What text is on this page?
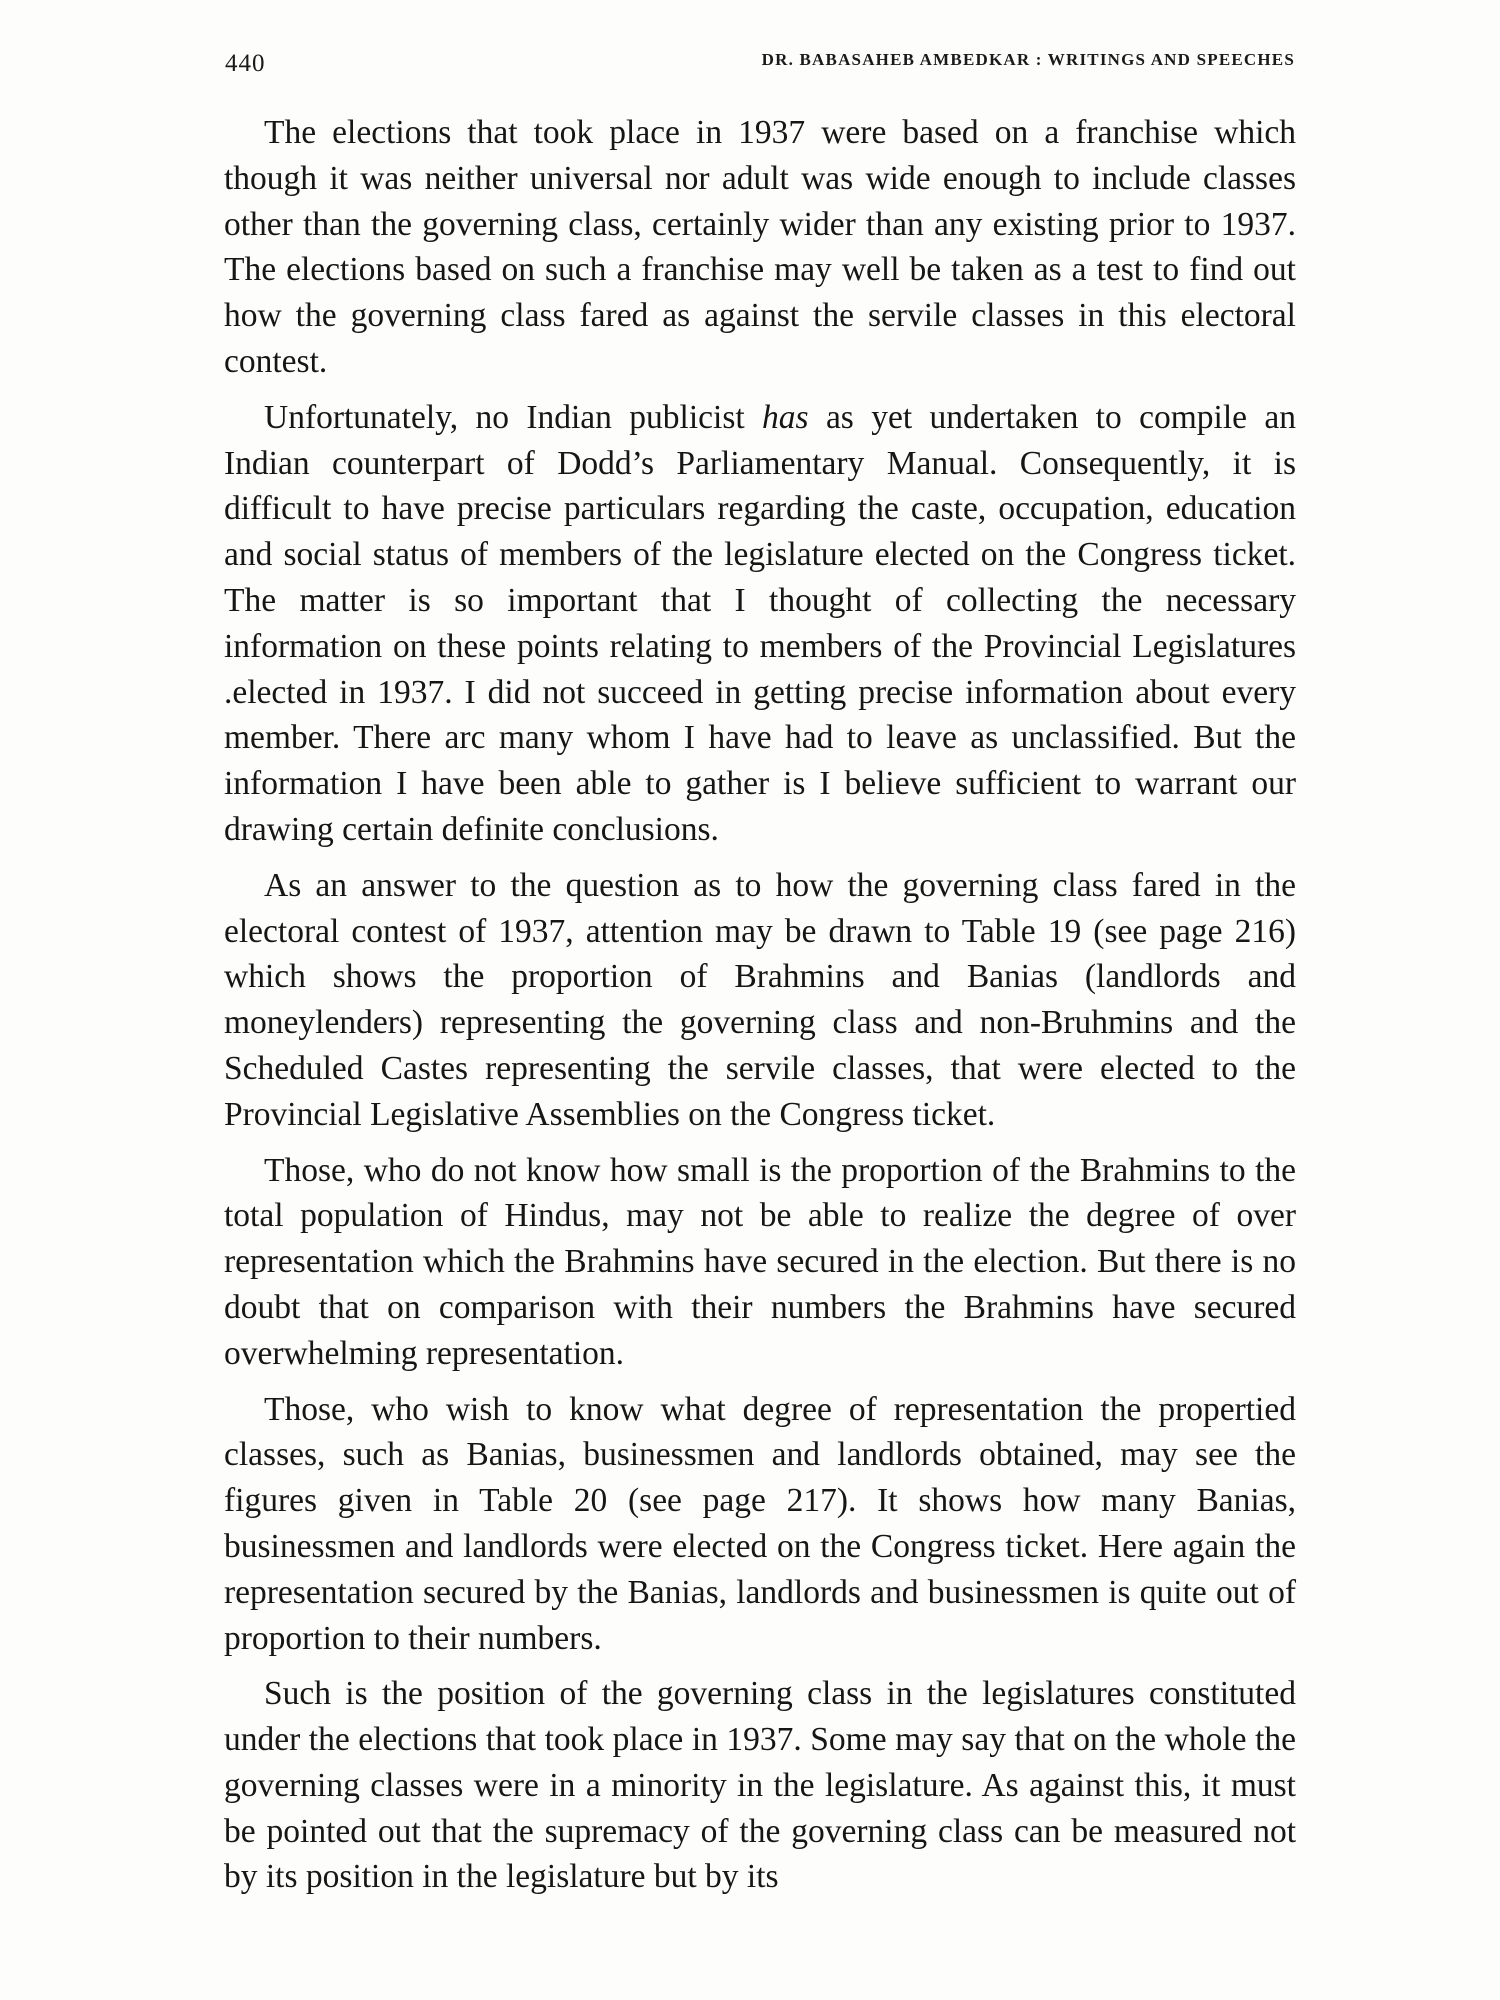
440	DR. BABASAHEB AMBEDKAR : WRITINGS AND SPEECHES

The elections that took place in 1937 were based on a franchise which though it was neither universal nor adult was wide enough to include classes other than the governing class, certainly wider than any existing prior to 1937. The elections based on such a franchise may well be taken as a test to find out how the governing class fared as against the servile classes in this electoral contest.

Unfortunately, no Indian publicist has as yet undertaken to compile an Indian counterpart of Dodd’s Parliamentary Manual. Consequently, it is difficult to have precise particulars regarding the caste, occupation, education and social status of members of the legislature elected on the Congress ticket. The matter is so important that I thought of collecting the necessary information on these points relating to members of the Provincial Legislatures .elected in 1937. I did not succeed in getting precise information about every member. There arc many whom I have had to leave as unclassified. But the information I have been able to gather is I believe sufficient to warrant our drawing certain definite conclusions.

As an answer to the question as to how the governing class fared in the electoral contest of 1937, attention may be drawn to Table 19 (see page 216) which shows the proportion of Brahmins and Banias (landlords and moneylenders) representing the governing class and non-Bruhmins and the Scheduled Castes representing the servile classes, that were elected to the Provincial Legislative Assemblies on the Congress ticket.

Those, who do not know how small is the proportion of the Brahmins to the total population of Hindus, may not be able to realize the degree of over representation which the Brahmins have secured in the election. But there is no doubt that on comparison with their numbers the Brahmins have secured overwhelming representation.

Those, who wish to know what degree of representation the propertied classes, such as Banias, businessmen and landlords obtained, may see the figures given in Table 20 (see page 217). It shows how many Banias, businessmen and landlords were elected on the Congress ticket. Here again the representation secured by the Banias, landlords and businessmen is quite out of proportion to their numbers.

Such is the position of the governing class in the legislatures constituted under the elections that took place in 1937. Some may say that on the whole the governing classes were in a minority in the legislature. As against this, it must be pointed out that the supremacy of the governing class can be measured not by its position in the legislature but by its
